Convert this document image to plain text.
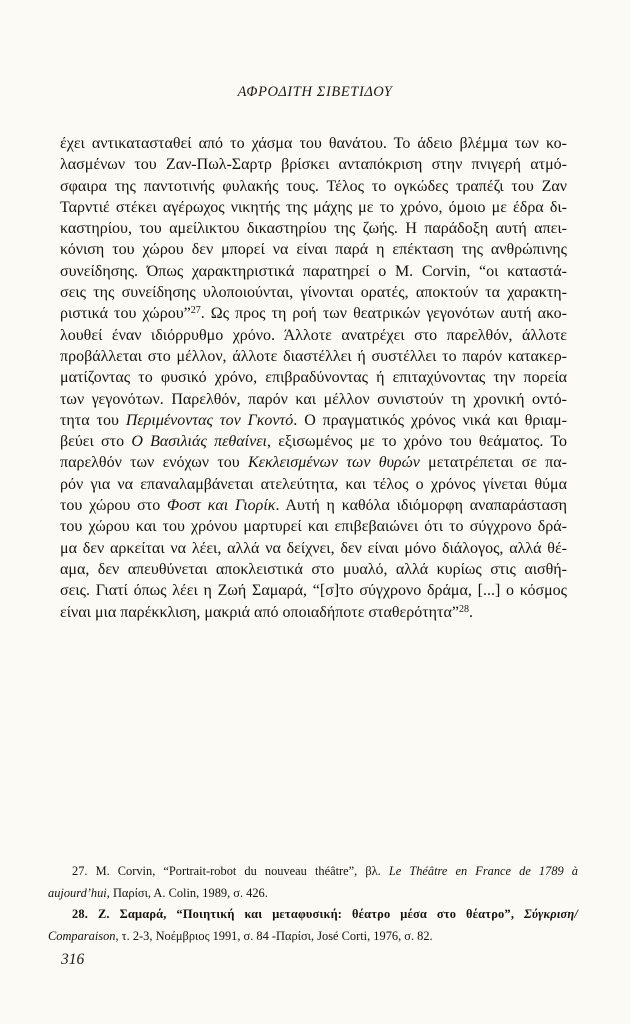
ΑΦΡΟΔΙΤΗ ΣΙΒΕΤΙΔΟΥ
έχει αντικατασταθεί από το χάσμα του θανάτου. Το άδειο βλέμμα των κο-
λασμένων του Ζαν-Πωλ-Σαρτρ βρίσκει ανταπόκριση στην πνιγερή ατμό-
σφαιρα της παντοτινής φυλακής τους. Τέλος το ογκώδες τραπέζι του Ζαν
Ταρντιέ στέκει αγέρωχος νικητής της μάχης με το χρόνο, όμοιο με έδρα δι-
καστηρίου, του αμείλικτου δικαστηρίου της ζωής. Η παράδοξη αυτή απει-
κόνιση του χώρου δεν μπορεί να είναι παρά η επέκταση της ανθρώπινης
συνείδησης. Όπως χαρακτηριστικά παρατηρεί ο Μ. Corvin, “οι καταστά-
σεις της συνείδησης υλοποιούνται, γίνονται ορατές, αποκτούν τα χαρακτη-
ριστικά του χώρου”$^{27}$. Ως προς τη ροή των θεατρικών γεγονότων αυτή ακο-
λουθεί έναν ιδιόρρυθμο χρόνο. Άλλοτε ανατρέχει στο παρελθόν, άλλοτε
προβάλλεται στο μέλλον, άλλοτε διαστέλλει ή συστέλλει το παρόν κατακερ-
ματίζοντας το φυσικό χρόνο, επιβραδύνοντας ή επιταχύνοντας την πορεία
των γεγονότων. Παρελθόν, παρόν και μέλλον συνιστούν τη χρονική οντό-
τητα του Περιμένοντας τον Γκοντό. Ο πραγματικός χρόνος νικά και θριαμ-
βεύει στο Ο Βασιλιάς πεθαίνει, εξισωμένος με το χρόνο του θεάματος. Το
παρελθόν των ενόχων του Κεκλεισμένων των θυρών μετατρέπεται σε πα-
ρόν για να επαναλαμβάνεται ατελεύτητα, και τέλος ο χρόνος γίνεται θύμα
του χώρου στο Φοστ και Γιορίκ. Αυτή η καθόλα ιδιόμορφη αναπαράσταση
του χώρου και του χρόνου μαρτυρεί και επιβεβαιώνει ότι το σύγχρονο δρά-
μα δεν αρκείται να λέει, αλλά να δείχνει, δεν είναι μόνο διάλογος, αλλά θέ-
αμα, δεν απευθύνεται αποκλειστικά στο μυαλό, αλλά κυρίως στις αισθή-
σεις. Γιατί όπως λέει η Ζωή Σαμαρά, “[σ]το σύγχρονο δράμα, [...] ο κόσμος
είναι μια παρέκκλιση, μακριά από οποιαδήποτε σταθερότητα”$^{28}$.
27. M. Corvin, “Portrait-robot du nouveau théâtre”, βλ. Le Théâtre en France de 1789 à
aujourd’hui, Παρίσι, Α. Colin, 1989, σ. 426.
28. Ζ. Σαμαρά, “Ποιητική και μεταφυσική: θέατρο μέσα στο θέατρο”, Σύγκριση/
Comparaison, τ. 2-3, Νοέμβριος 1991, σ. 84 -Παρίσι, José Corti, 1976, σ. 82.
316
